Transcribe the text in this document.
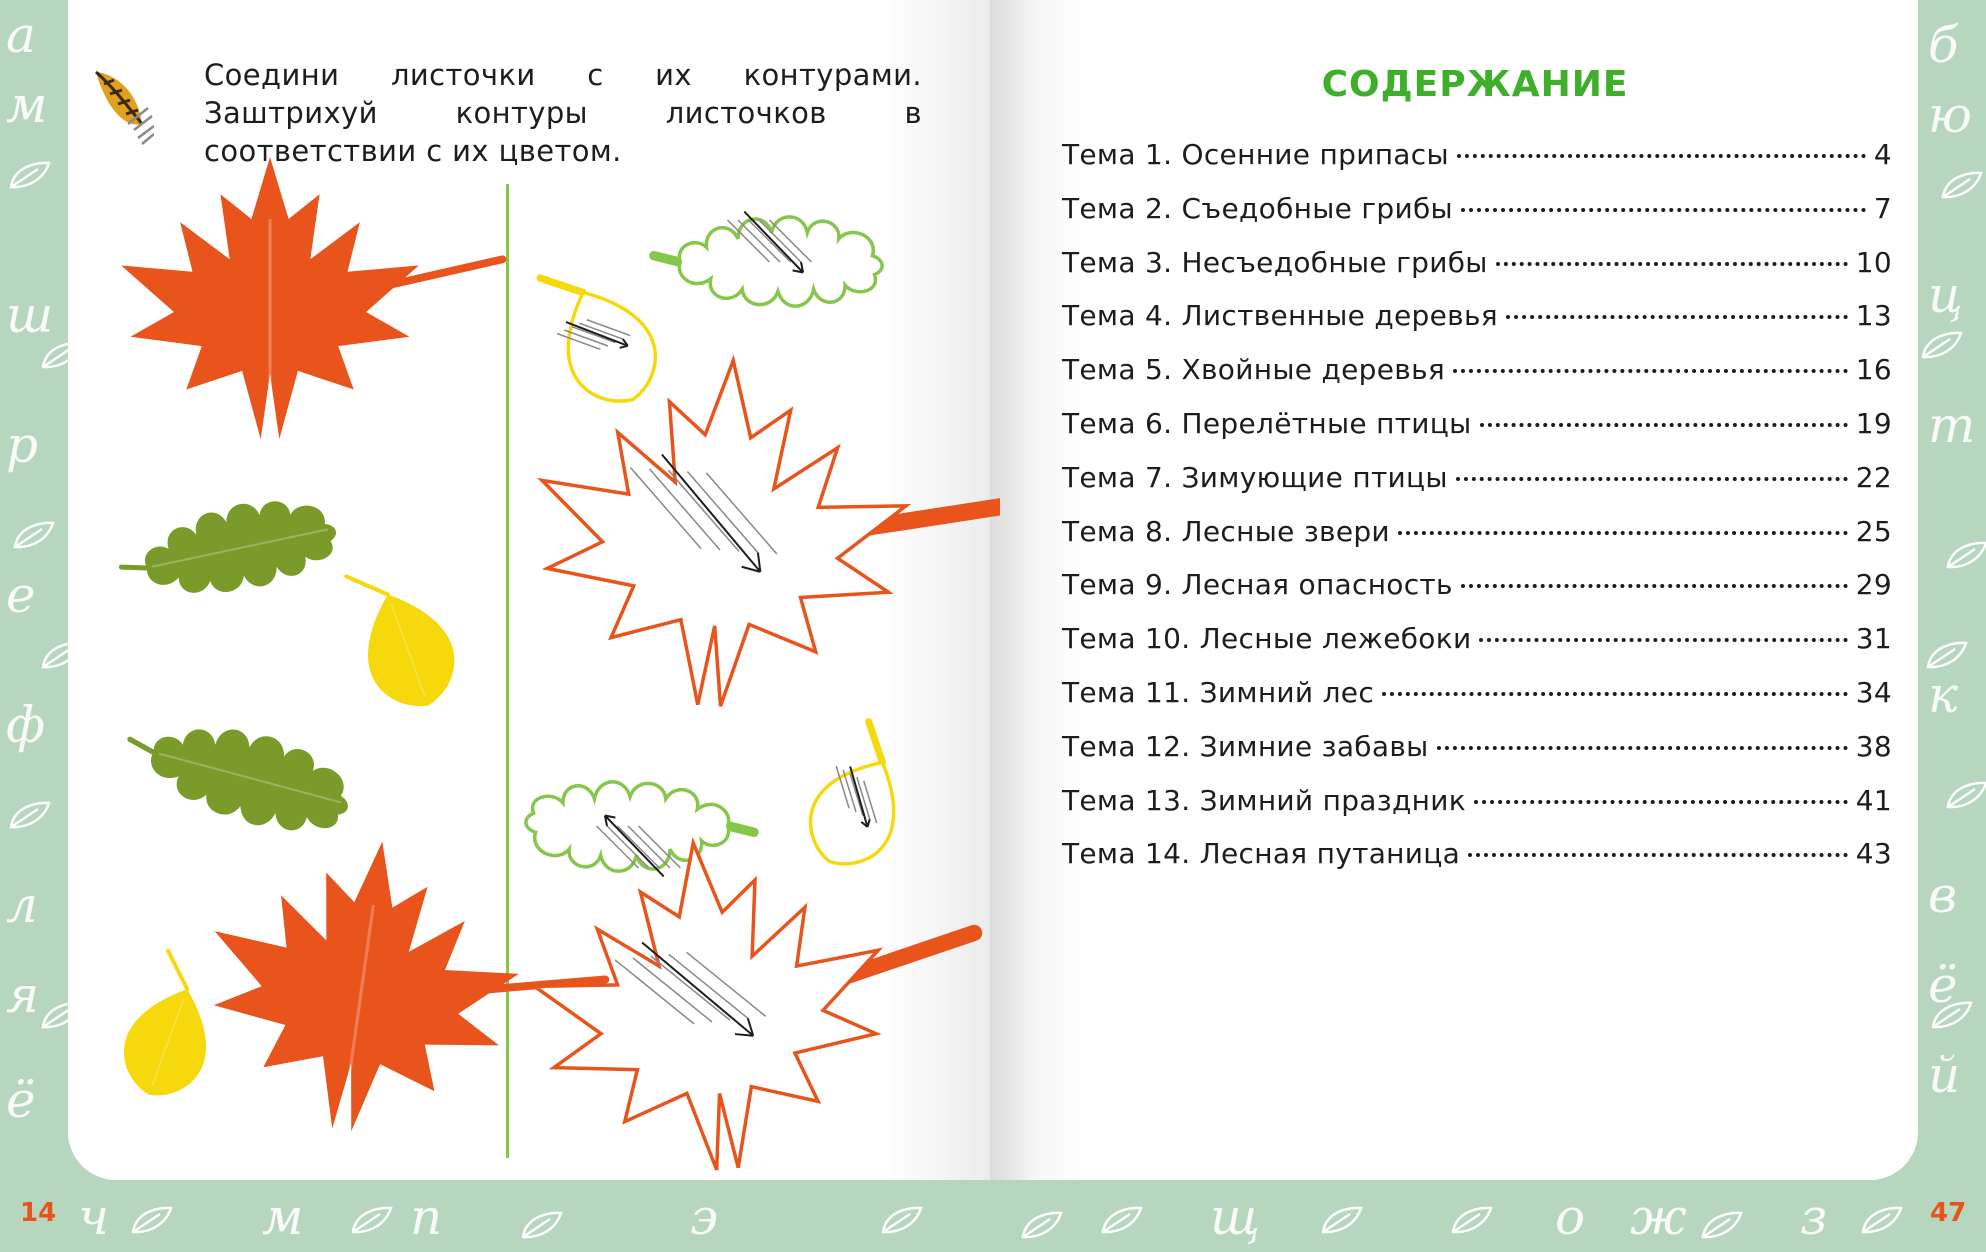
а
м
ш
р
е
ф
л
я
ё
б
ю
ц
т
к
в
ё
й
ч	м п	э	щ	о ж з
Соедини листочки с их контурами. Заштрихуй контуры листочков в соответствии с их цветом.
СОДЕРЖАНИЕ
Тема 1. Осенние припасы	4
Тема 2. Съедобные грибы	7
Тема 3. Несъедобные грибы	10
Тема 4. Лиственные деревья	13
Тема 5. Хвойные деревья	16
Тема 6. Перелётные птицы	19
Тема 7. Зимующие птицы	22
Тема 8. Лесные звери	25
Тема 9. Лесная опасность	29
Тема 10. Лесные лежебоки	31
Тема 11. Зимний лес	34
Тема 12. Зимние забавы	38
Тема 13. Зимний праздник	41
Тема 14. Лесная путаница	43
14	47
